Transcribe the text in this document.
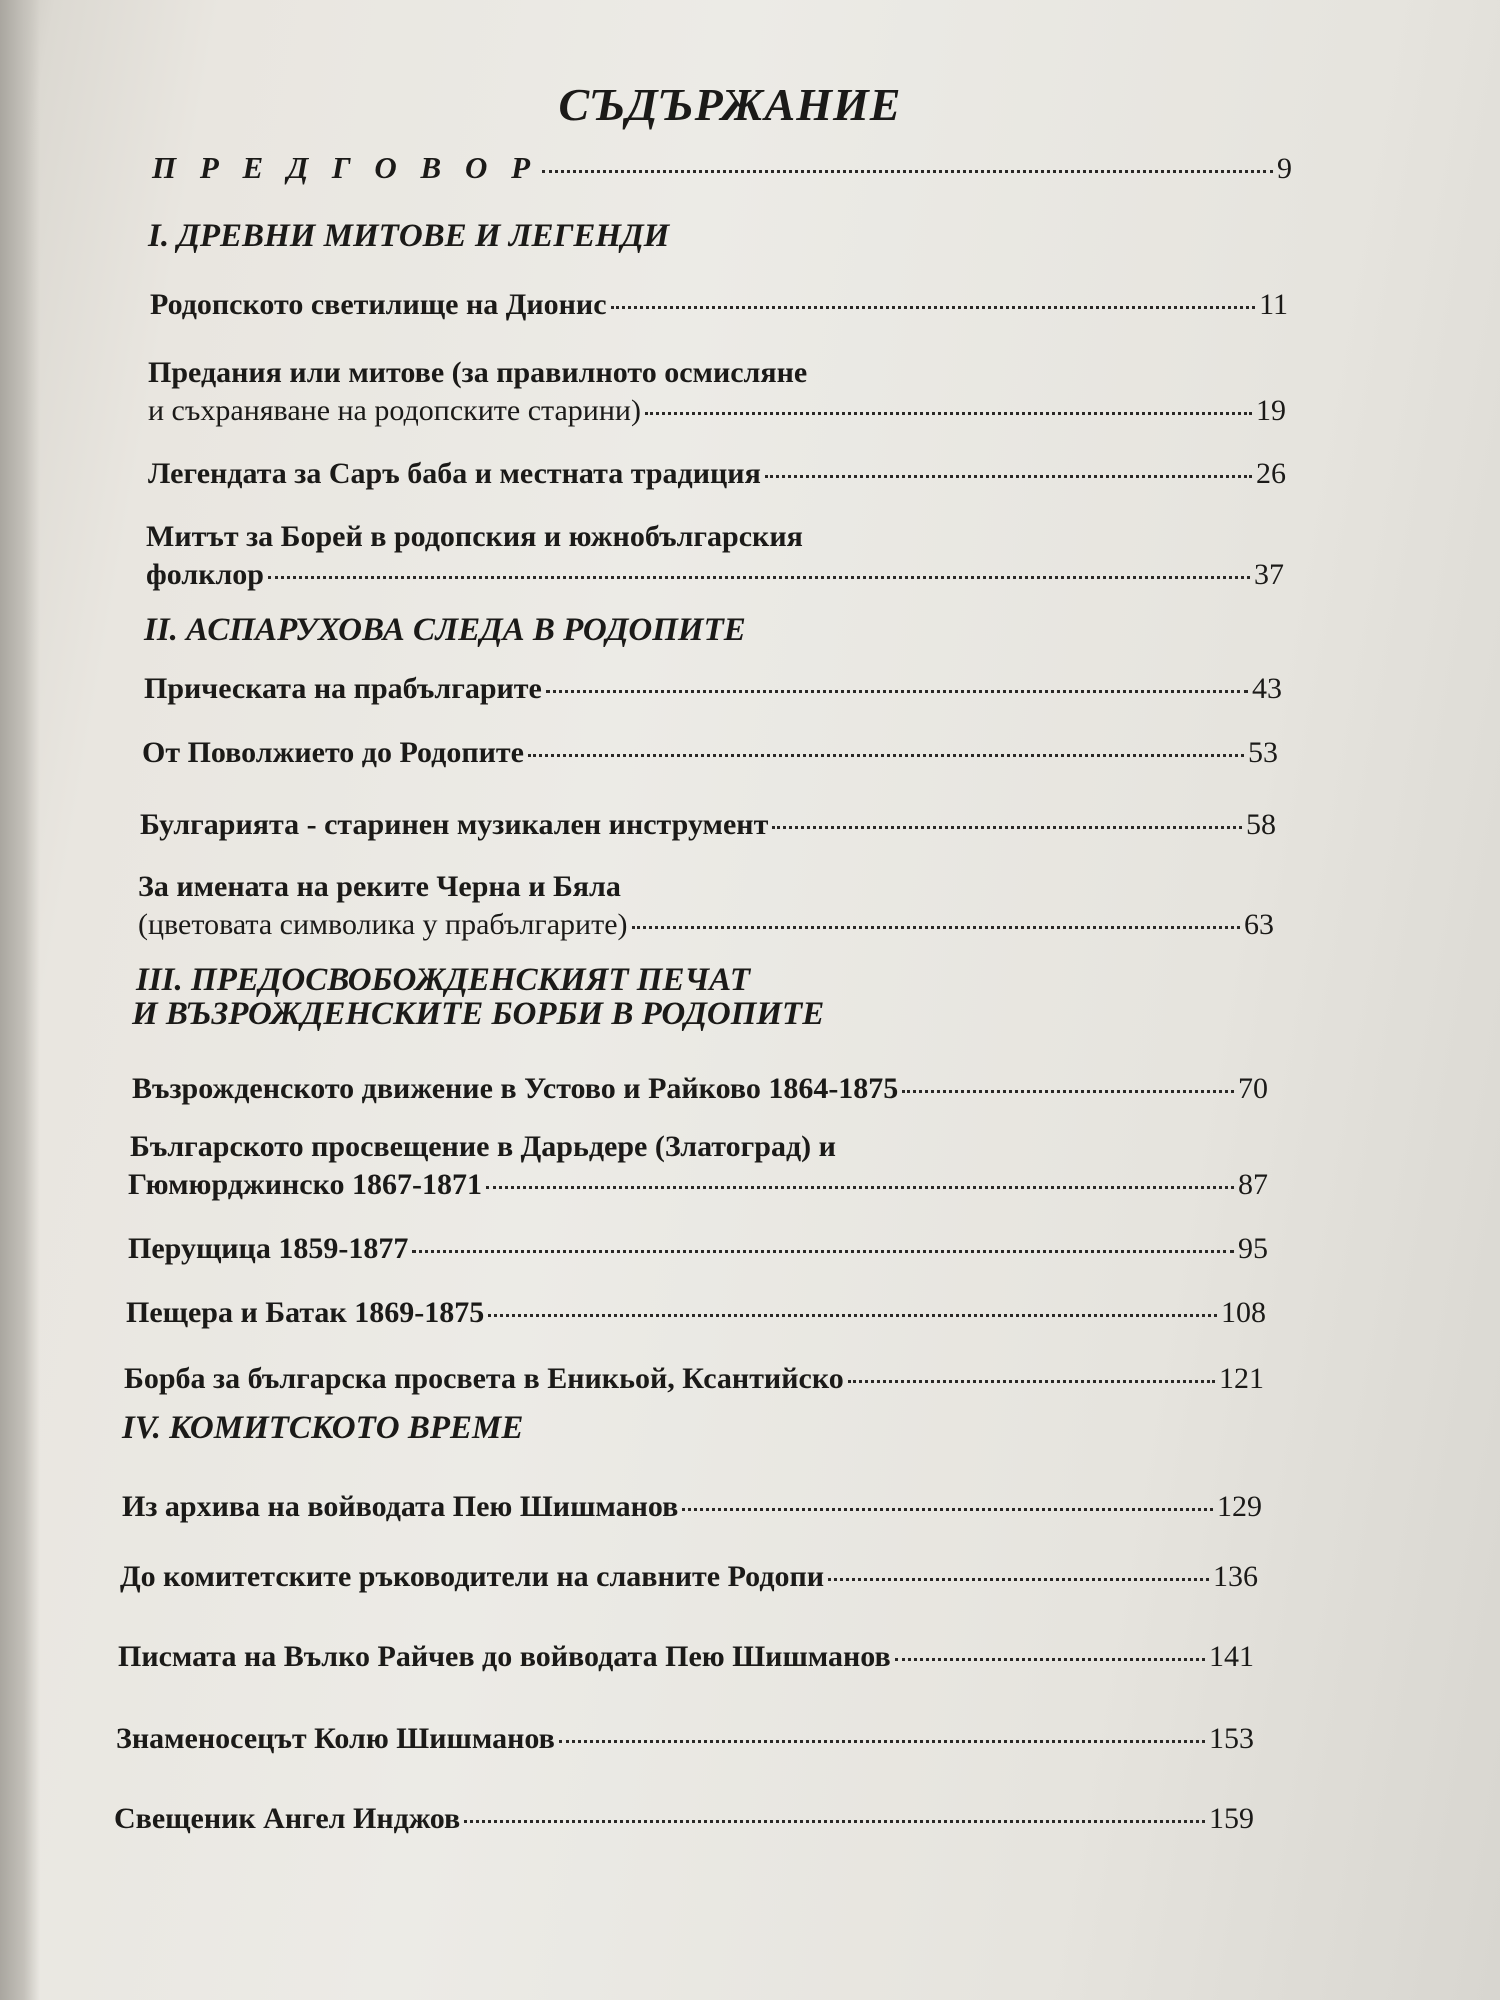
СЪДЪРЖАНИЕ
П Р Е Д Г О В О Р	9
I. ДРЕВНИ МИТОВЕ И ЛЕГЕНДИ
Родопското светилище на Дионис	11
Предания или митове (за правилното осмисляне
и съхраняване на родопските старини)	19
Легендата за Саръ баба и местната традиция	26
Митът за Борей в родопския и южнобългарския
фолклор	37
II. АСПАРУХОВА СЛЕДА В РОДОПИТЕ
Прическата на прабългарите	43
От Поволжието до Родопите	53
Булгарията - старинен музикален инструмент	58
За имената на реките Черна и Бяла
(цветовата символика у прабългарите)	63
III. ПРЕДОСВОБОЖДЕНСКИЯТ ПЕЧАТ
И ВЪЗРОЖДЕНСКИТЕ БОРБИ В РОДОПИТЕ
Възрожденското движение в Устово и Райково 1864-1875	70
Българското просвещение в Дарьдере (Златоград) и
Гюмюрджинско 1867-1871	87
Перущица 1859-1877	95
Пещера и Батак 1869-1875	108
Борба за българска просвета в Еникьой, Ксантийско	121
IV. КОМИТСКОТО ВРЕМЕ
Из архива на войводата Пею Шишманов	129
До комитетските ръководители на славните Родопи	136
Писмата на Вълко Райчев до войводата Пею Шишманов	141
Знаменосецът Колю Шишманов	153
Свещеник Ангел Инджов	159
